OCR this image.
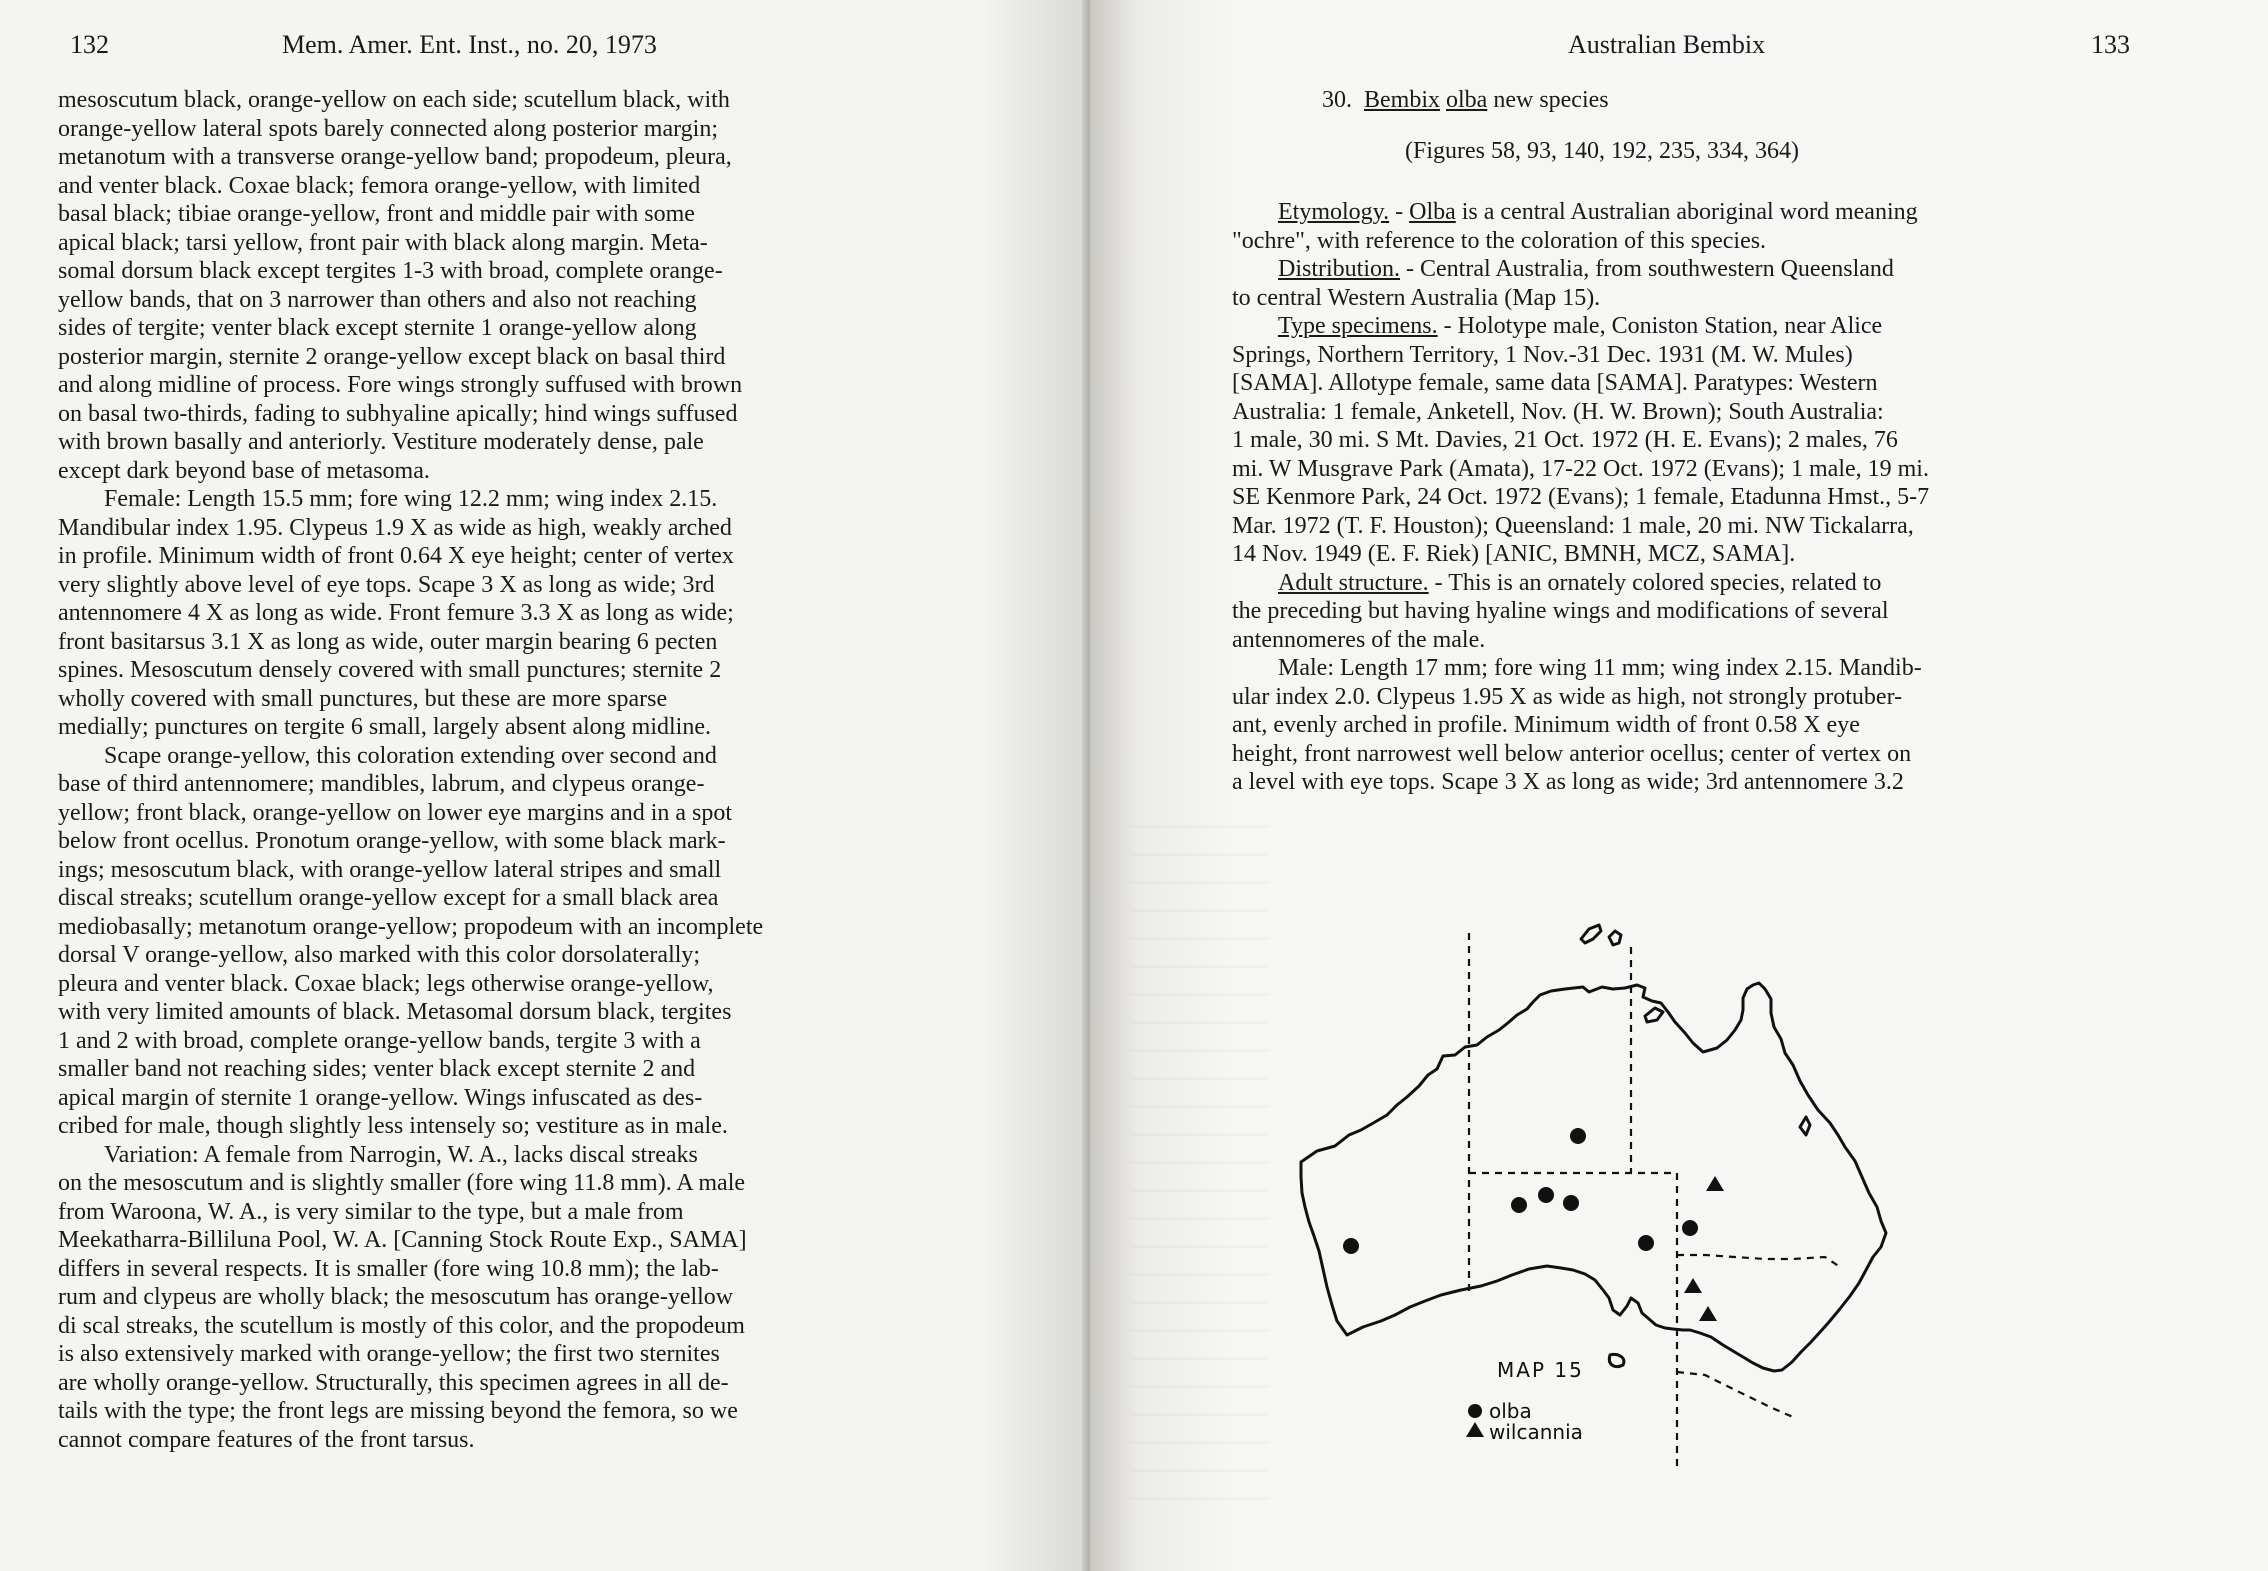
132	Mem. Amer. Ent. Inst., no. 20, 1973

mesoscutum black, orange-yellow on each side; scutellum black, with

orange-yellow lateral spots barely connected along posterior margin;

metanotum with a transverse orange-yellow band; propodeum, pleura,

and venter black. Coxae black; femora orange-yellow, with limited

basal black; tibiae orange-yellow, front and middle pair with some

apical black; tarsi yellow, front pair with black along margin. Meta-

somal dorsum black except tergites 1-3 with broad, complete orange-

yellow bands, that on 3 narrower than others and also not reaching

sides of tergite; venter black except sternite 1 orange-yellow along

posterior margin, sternite 2 orange-yellow except black on basal third

and along midline of process. Fore wings strongly suffused with brown

on basal two-thirds, fading to subhyaline apically; hind wings suffused

with brown basally and anteriorly. Vestiture moderately dense, pale

except dark beyond base of metasoma.

Female: Length 15.5 mm; fore wing 12.2 mm; wing index 2.15.

Mandibular index 1.95. Clypeus 1.9 X as wide as high, weakly arched

in profile. Minimum width of front 0.64 X eye height; center of vertex

very slightly above level of eye tops. Scape 3 X as long as wide; 3rd

antennomere 4 X as long as wide. Front femure 3.3 X as long as wide;

front basitarsus 3.1 X as long as wide, outer margin bearing 6 pecten

spines. Mesoscutum densely covered with small punctures; sternite 2

wholly covered with small punctures, but these are more sparse

medially; punctures on tergite 6 small, largely absent along midline.

Scape orange-yellow, this coloration extending over second and

base of third antennomere; mandibles, labrum, and clypeus orange-

yellow; front black, orange-yellow on lower eye margins and in a spot

below front ocellus. Pronotum orange-yellow, with some black mark-

ings; mesoscutum black, with orange-yellow lateral stripes and small

discal streaks; scutellum orange-yellow except for a small black area

mediobasally; metanotum orange-yellow; propodeum with an incomplete

dorsal V orange-yellow, also marked with this color dorsolaterally;

pleura and venter black. Coxae black; legs otherwise orange-yellow,

with very limited amounts of black. Metasomal dorsum black, tergites

1 and 2 with broad, complete orange-yellow bands, tergite 3 with a

smaller band not reaching sides; venter black except sternite 2 and

apical margin of sternite 1 orange-yellow. Wings infuscated as des-

cribed for male, though slightly less intensely so; vestiture as in male.

Variation: A female from Narrogin, W. A., lacks discal streaks

on the mesoscutum and is slightly smaller (fore wing 11.8 mm). A male

from Waroona, W. A., is very similar to the type, but a male from

Meekatharra-Billiluna Pool, W. A. [Canning Stock Route Exp., SAMA]

differs in several respects. It is smaller (fore wing 10.8 mm); the lab-

rum and clypeus are wholly black; the mesoscutum has orange-yellow

di scal streaks, the scutellum is mostly of this color, and the propodeum

is also extensively marked with orange-yellow; the first two sternites

are wholly orange-yellow. Structurally, this specimen agrees in all de-

tails with the type; the front legs are missing beyond the femora, so we

cannot compare features of the front tarsus.

Australian Bembix	133
30. Bembix olba new species
(Figures 58, 93, 140, 192, 235, 334, 364)

Etymology. - Olba is a central Australian aboriginal word meaning

"ochre", with reference to the coloration of this species.

Distribution. - Central Australia, from southwestern Queensland

to central Western Australia (Map 15).

Type specimens. - Holotype male, Coniston Station, near Alice

Springs, Northern Territory, 1 Nov.-31 Dec. 1931 (M. W. Mules)

[SAMA]. Allotype female, same data [SAMA]. Paratypes: Western

Australia: 1 female, Anketell, Nov. (H. W. Brown); South Australia:

1 male, 30 mi. S Mt. Davies, 21 Oct. 1972 (H. E. Evans); 2 males, 76

mi. W Musgrave Park (Amata), 17-22 Oct. 1972 (Evans); 1 male, 19 mi.

SE Kenmore Park, 24 Oct. 1972 (Evans); 1 female, Etadunna Hmst., 5-7

Mar. 1972 (T. F. Houston); Queensland: 1 male, 20 mi. NW Tickalarra,

14 Nov. 1949 (E. F. Riek) [ANIC, BMNH, MCZ, SAMA].

Adult structure. - This is an ornately colored species, related to

the preceding but having hyaline wings and modifications of several

antennomeres of the male.

Male: Length 17 mm; fore wing 11 mm; wing index 2.15. Mandib-

ular index 2.0. Clypeus 1.95 X as wide as high, not strongly protuber-

ant, evenly arched in profile. Minimum width of front 0.58 X eye

height, front narrowest well below anterior ocellus; center of vertex on

a level with eye tops. Scape 3 X as long as wide; 3rd antennomere 3.2

MAP 15
olba
wilcannia
